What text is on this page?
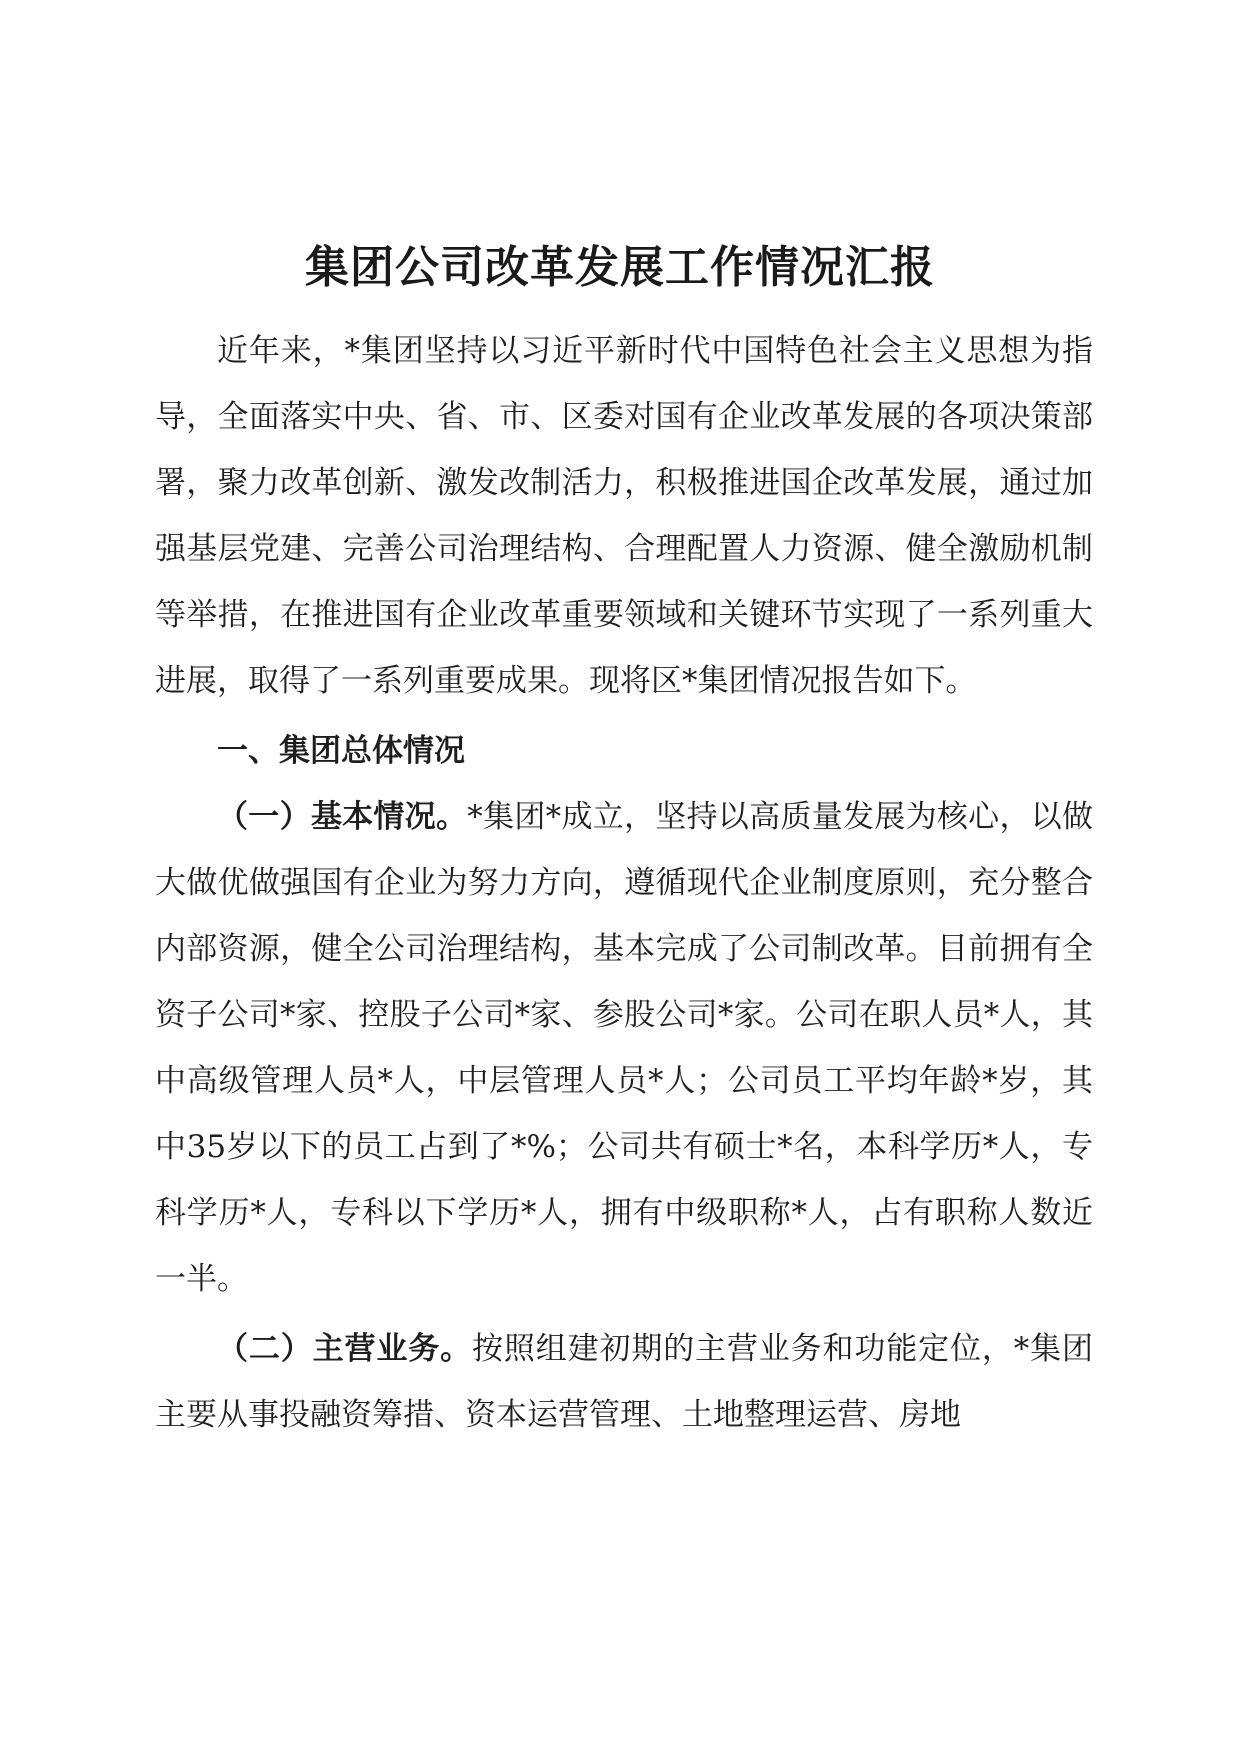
集团公司改革发展工作情况汇报

近年来，*集团坚持以习近平新时代中国特色社会主义思想为指导，全面落实中央、省、市、区委对国有企业改革发展的各项决策部署，聚力改革创新、激发改制活力，积极推进国企改革发展，通过加强基层党建、完善公司治理结构、合理配置人力资源、健全激励机制等举措，在推进国有企业改革重要领域和关键环节实现了一系列重大进展，取得了一系列重要成果。现将区*集团情况报告如下。

一、集团总体情况

（一）基本情况。*集团*成立，坚持以高质量发展为核心，以做大做优做强国有企业为努力方向，遵循现代企业制度原则，充分整合内部资源，健全公司治理结构，基本完成了公司制改革。目前拥有全资子公司*家、控股子公司*家、参股公司*家。公司在职人员*人，其中高级管理人员*人，中层管理人员*人；公司员工平均年龄*岁，其中35岁以下的员工占到了*%；公司共有硕士*名，本科学历*人，专科学历*人，专科以下学历*人，拥有中级职称*人，占有职称人数近一半。

（二）主营业务。按照组建初期的主营业务和功能定位，*集团主要从事投融资筹措、资本运营管理、土地整理运营、房地
